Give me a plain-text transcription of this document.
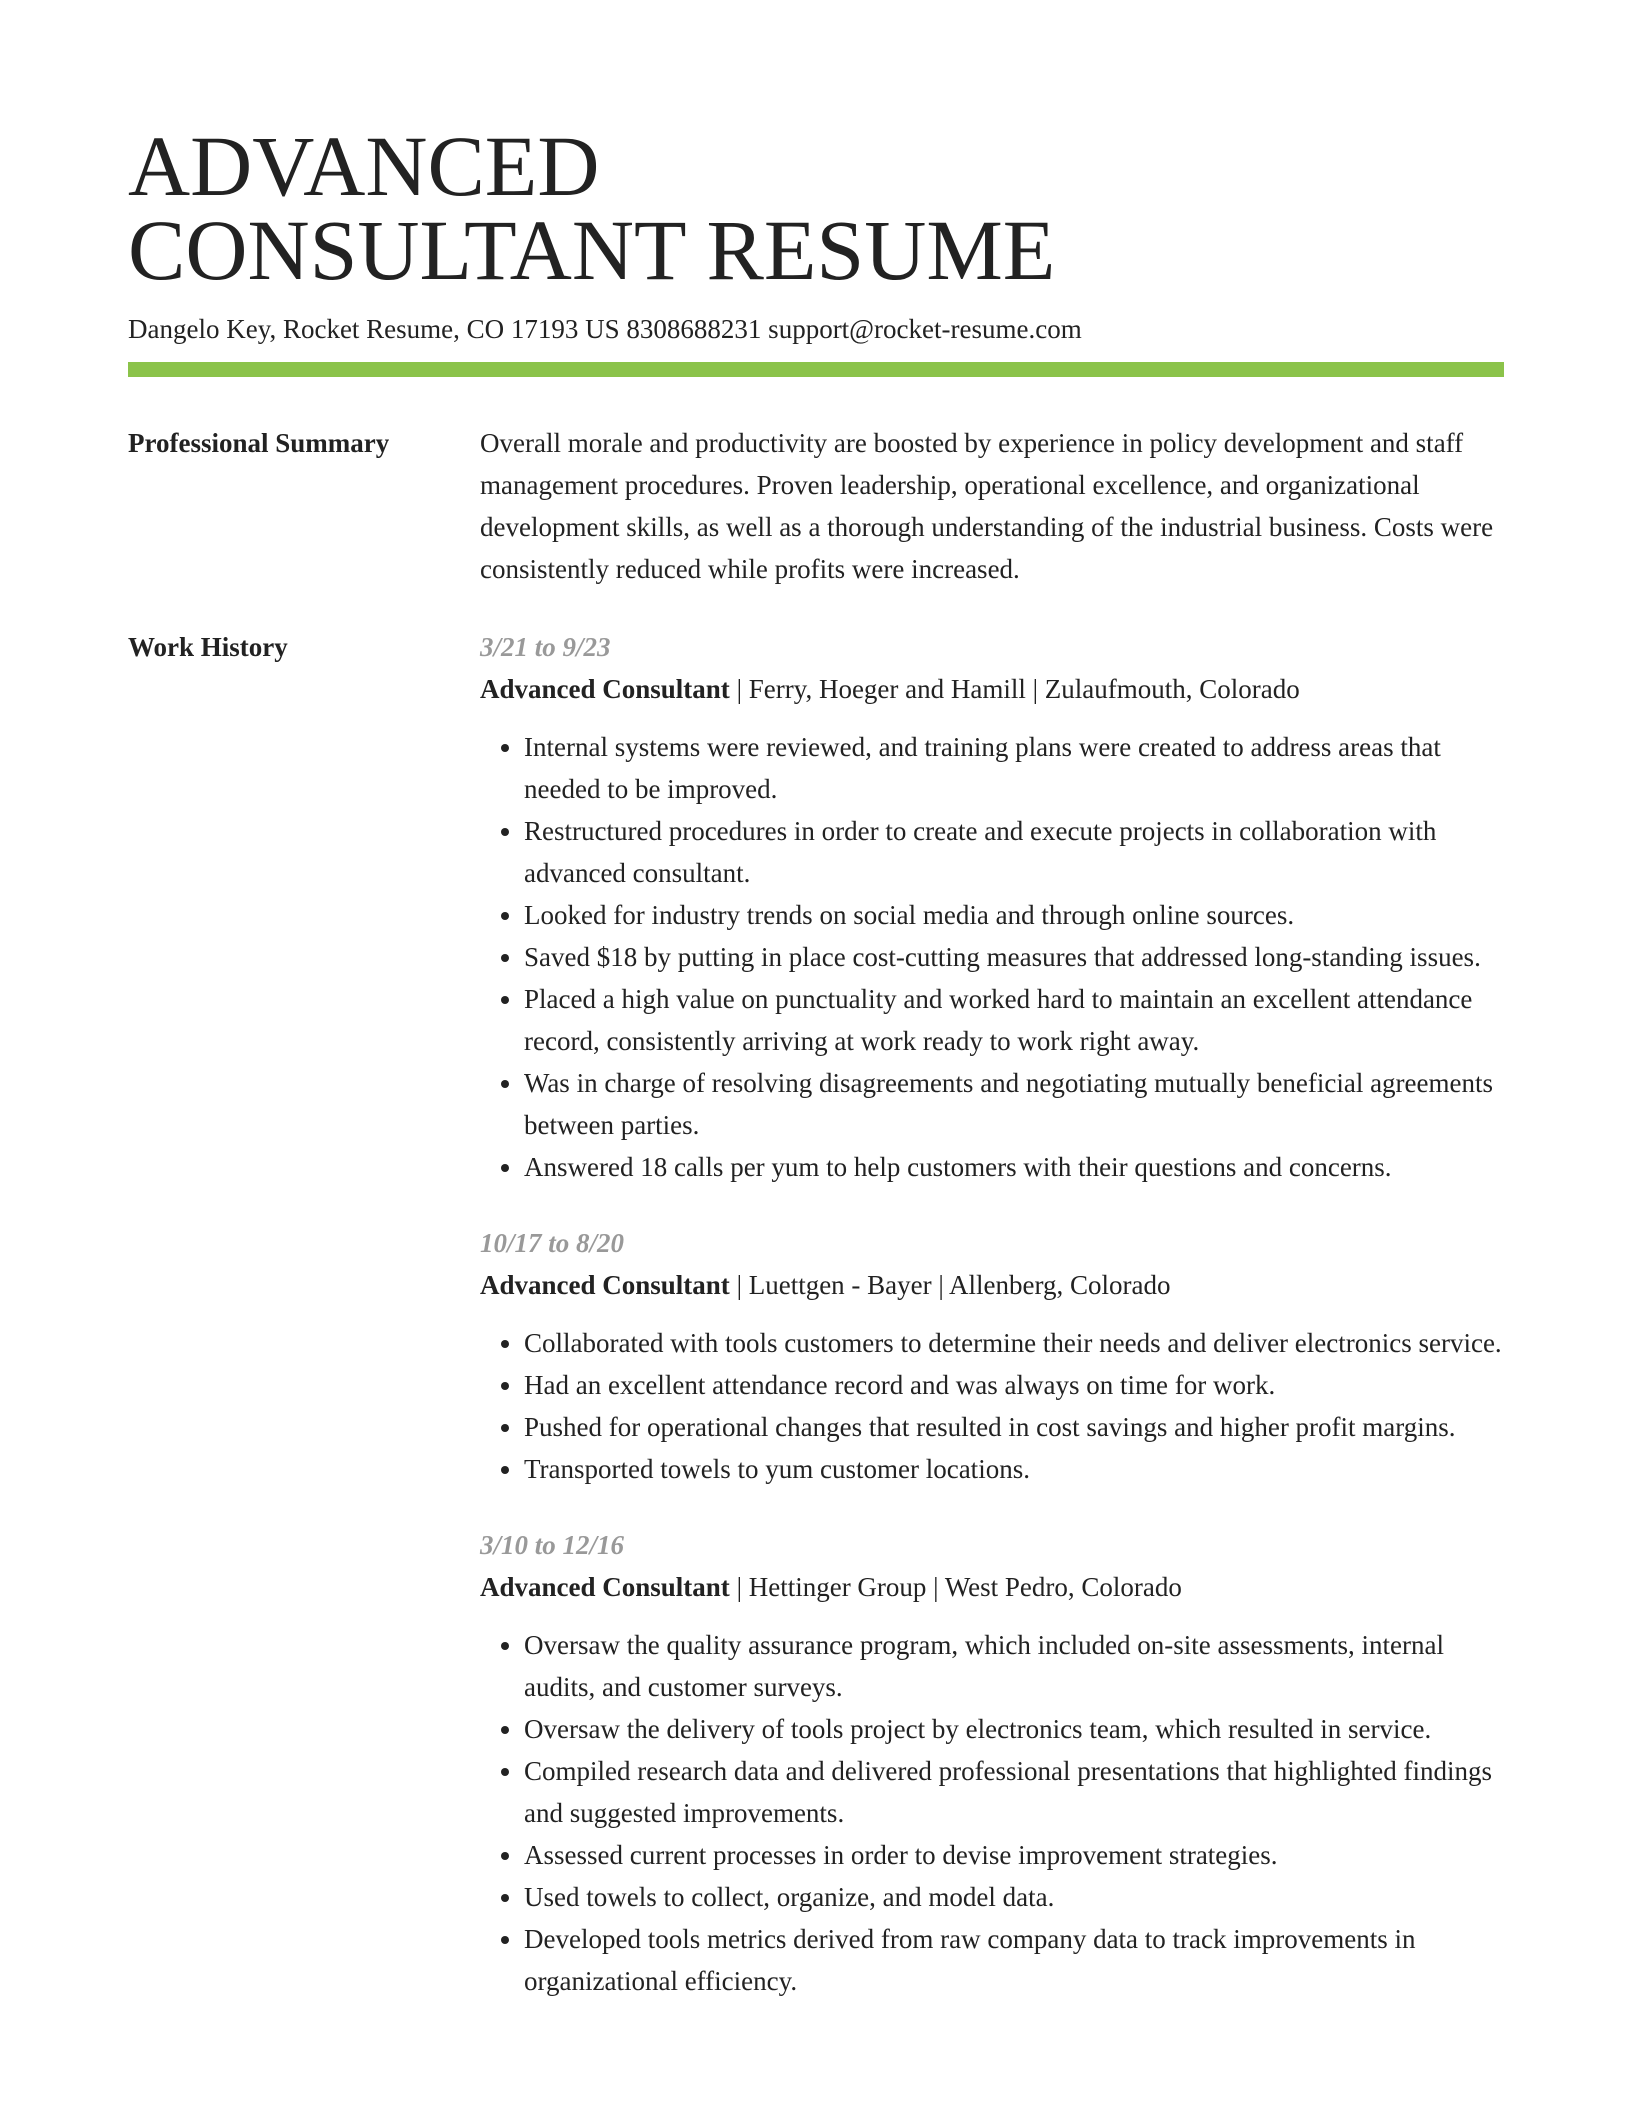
ADVANCED
CONSULTANT RESUME
Dangelo Key, Rocket Resume, CO 17193 US 8308688231 support@rocket-resume.com
Professional Summary	Overall morale and productivity are boosted by experience in policy development and staff management procedures. Proven leadership, operational excellence, and organizational development skills, as well as a thorough understanding of the industrial business. Costs were consistently reduced while profits were increased.
Work History	3/21 to 9/23
Advanced Consultant | Ferry, Hoeger and Hamill | Zulaufmouth, Colorado
• Internal systems were reviewed, and training plans were created to address areas that needed to be improved.
• Restructured procedures in order to create and execute projects in collaboration with advanced consultant.
• Looked for industry trends on social media and through online sources.
• Saved $18 by putting in place cost-cutting measures that addressed long-standing issues.
• Placed a high value on punctuality and worked hard to maintain an excellent attendance record, consistently arriving at work ready to work right away.
• Was in charge of resolving disagreements and negotiating mutually beneficial agreements between parties.
• Answered 18 calls per yum to help customers with their questions and concerns.
10/17 to 8/20
Advanced Consultant | Luettgen - Bayer | Allenberg, Colorado
• Collaborated with tools customers to determine their needs and deliver electronics service.
• Had an excellent attendance record and was always on time for work.
• Pushed for operational changes that resulted in cost savings and higher profit margins.
• Transported towels to yum customer locations.
3/10 to 12/16
Advanced Consultant | Hettinger Group | West Pedro, Colorado
• Oversaw the quality assurance program, which included on-site assessments, internal audits, and customer surveys.
• Oversaw the delivery of tools project by electronics team, which resulted in service.
• Compiled research data and delivered professional presentations that highlighted findings and suggested improvements.
• Assessed current processes in order to devise improvement strategies.
• Used towels to collect, organize, and model data.
• Developed tools metrics derived from raw company data to track improvements in organizational efficiency.
